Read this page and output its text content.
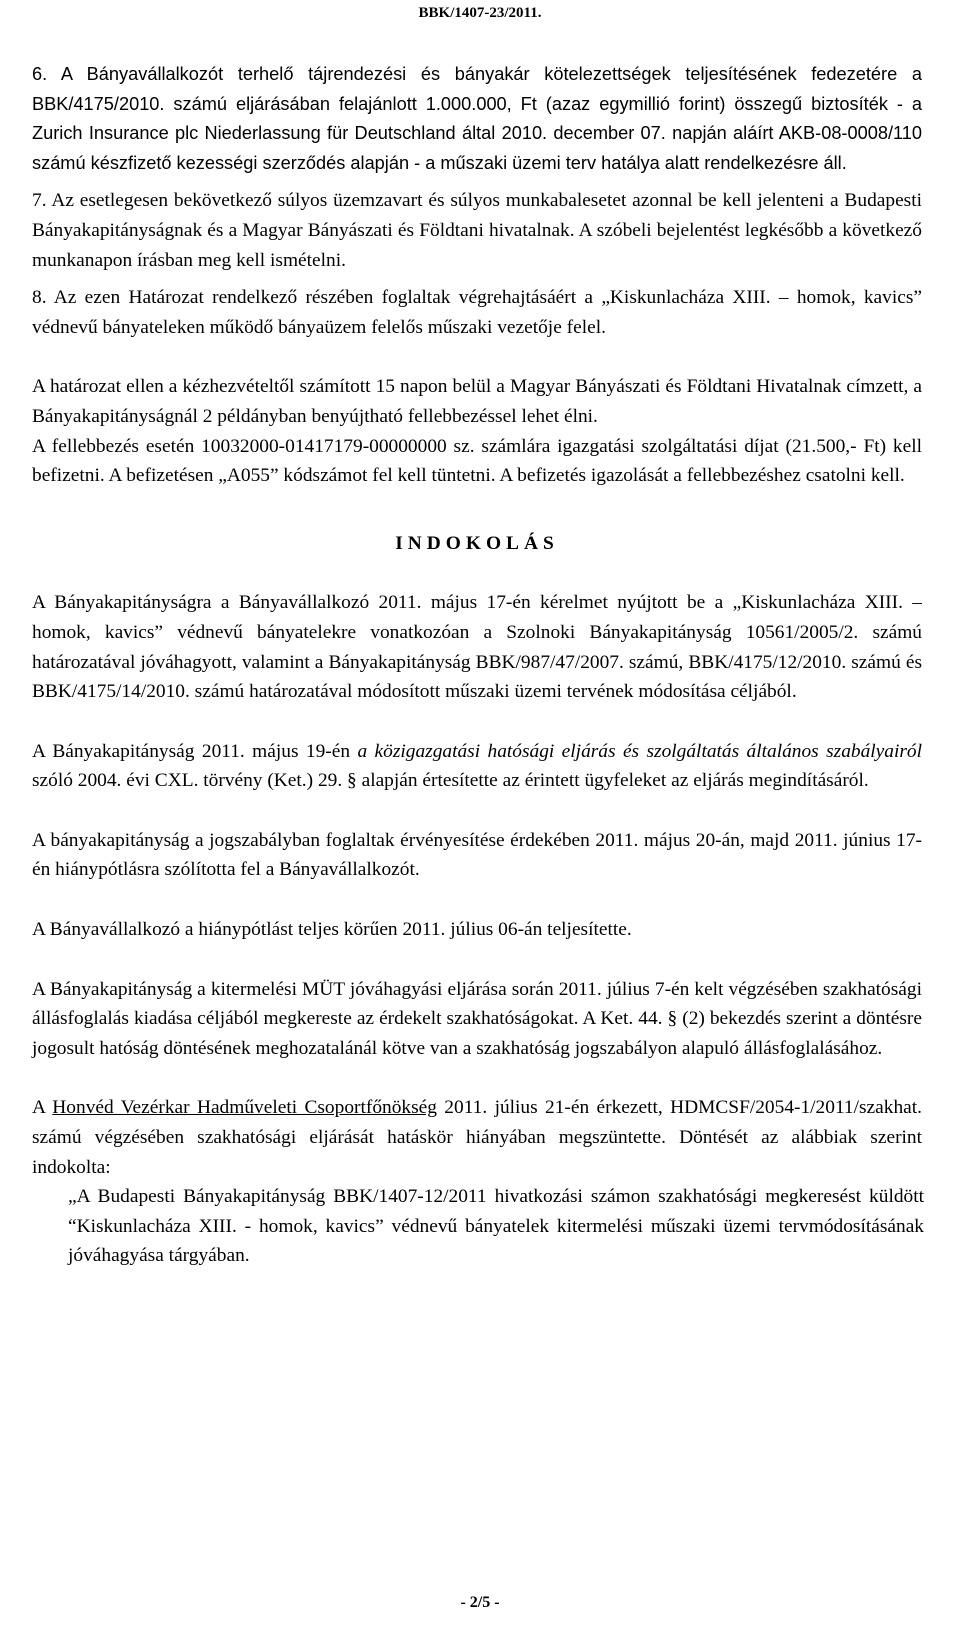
BBK/1407-23/2011.

6. A Bányavállalkozót terhelő tájrendezési és bányakár kötelezettségek teljesítésének fedezetére a BBK/4175/2010. számú eljárásában felajánlott 1.000.000, Ft (azaz egymillió forint) összegű biztosíték - a Zurich Insurance plc Niederlassung für Deutschland által 2010. december 07. napján aláírt AKB-08-0008/110 számú készfizető kezességi szerződés alapján - a műszaki üzemi terv hatálya alatt rendelkezésre áll.

7. Az esetlegesen bekövetkező súlyos üzemzavart és súlyos munkabalesetet azonnal be kell jelenteni a Budapesti Bányakapitányságnak és a Magyar Bányászati és Földtani hivatalnak. A szóbeli bejelentést legkésőbb a következő munkanapon írásban meg kell ismételni.

8. Az ezen Határozat rendelkező részében foglaltak végrehajtásáért a „Kiskunlacháza XIII. – homok, kavics” védnevű bányateleken működő bányaüzem felelős műszaki vezetője felel.

A határozat ellen a kézhezvételtől számított 15 napon belül a Magyar Bányászati és Földtani Hivatalnak címzett, a Bányakapitányságnál 2 példányban benyújtható fellebbezéssel lehet élni.

A fellebbezés esetén 10032000-01417179-00000000 sz. számlára igazgatási szolgáltatási díjat (21.500,- Ft) kell befizetni. A befizetésen „A055” kódszámot fel kell tüntetni. A befizetés igazolását a fellebbezéshez csatolni kell.

INDOKOLÁS

A Bányakapitányságra a Bányavállalkozó 2011. május 17-én kérelmet nyújtott be a „Kiskunlacháza XIII. – homok, kavics” védnevű bányatelekre vonatkozóan a Szolnoki Bányakapitányság 10561/2005/2. számú határozatával jóváhagyott, valamint a Bányakapitányság BBK/987/47/2007. számú, BBK/4175/12/2010. számú és BBK/4175/14/2010. számú határozatával módosított műszaki üzemi tervének módosítása céljából.

A Bányakapitányság 2011. május 19-én a közigazgatási hatósági eljárás és szolgáltatás általános szabályairól szóló 2004. évi CXL. törvény (Ket.) 29. § alapján értesítette az érintett ügyfeleket az eljárás megindításáról.

A bányakapitányság a jogszabályban foglaltak érvényesítése érdekében 2011. május 20-án, majd 2011. június 17-én hiánypótlásra szólította fel a Bányavállalkozót.

A Bányavállalkozó a hiánypótlást teljes körűen 2011. július 06-án teljesítette.

A Bányakapitányság a kitermelési MÜT jóváhagyási eljárása során 2011. július 7-én kelt végzésében szakhatósági állásfoglalás kiadása céljából megkereste az érdekelt szakhatóságokat. A Ket. 44. § (2) bekezdés szerint a döntésre jogosult hatóság döntésének meghozatalánál kötve van a szakhatóság jogszabályon alapuló állásfoglalásához.

A Honvéd Vezérkar Hadműveleti Csoportfőnökség 2011. július 21-én érkezett, HDMCSF/2054-1/2011/szakhat. számú végzésében szakhatósági eljárását hatáskör hiányában megszüntette. Döntését az alábbiak szerint indokolta:

„A Budapesti Bányakapitányság BBK/1407-12/2011 hivatkozási számon szakhatósági megkeresést küldött “Kiskunlacháza XIII. - homok, kavics” védnevű bányatelek kitermelési műszaki üzemi tervmódosításának jóváhagyása tárgyában.

- 2/5 -
